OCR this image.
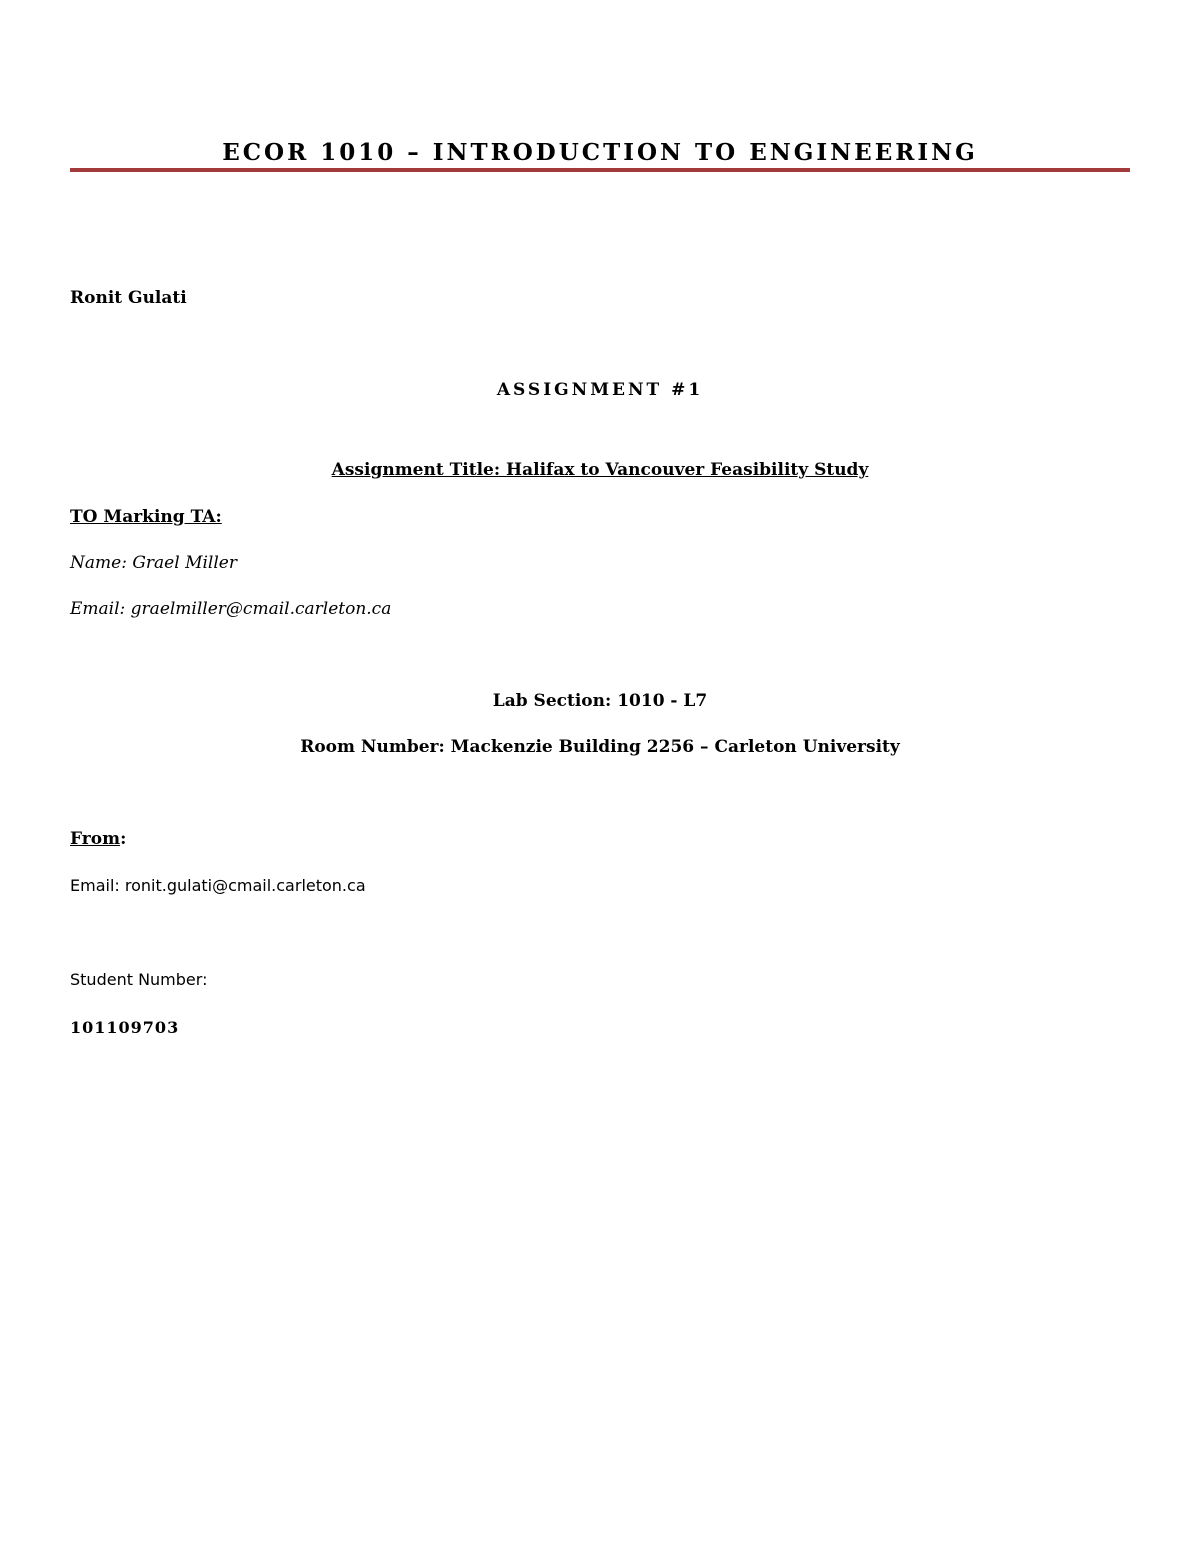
ECOR 1010 – INTRODUCTION TO ENGINEERING
Ronit Gulati
ASSIGNMENT #1
Assignment Title: Halifax to Vancouver Feasibility Study
TO Marking TA:
Name: Grael Miller
Email: graelmiller@cmail.carleton.ca
Lab Section: 1010 - L7
Room Number: Mackenzie Building 2256 – Carleton University
From:
Email: ronit.gulati@cmail.carleton.ca
Student Number:
101109703
